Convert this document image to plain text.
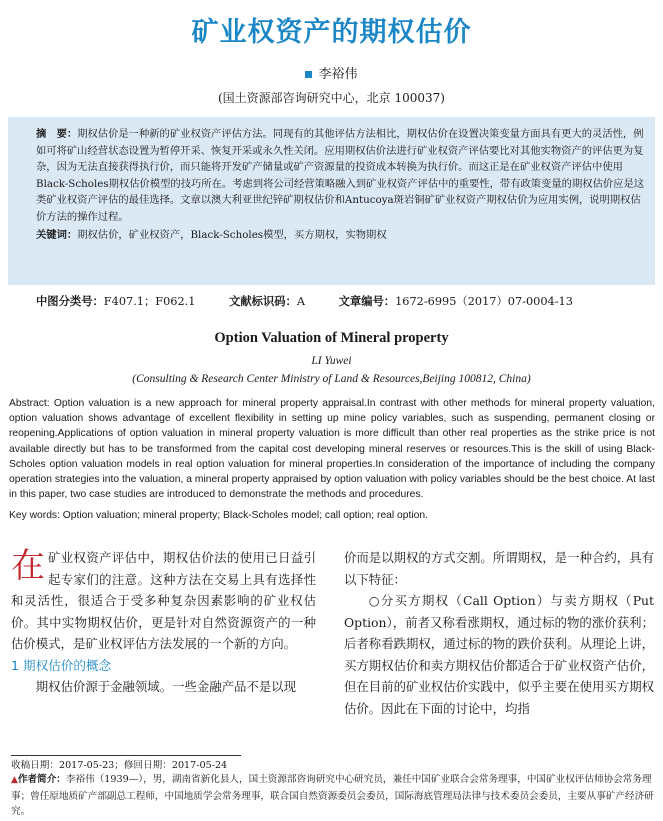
矿业权资产的期权估价
李裕伟
(国土资源部咨询研究中心，北京 100037)
摘　要：期权估价是一种新的矿业权资产评估方法。同现有的其他评估方法相比，期权估价在设置决策变量方面具有更大的灵活性，例如可将矿山经营状态设置为暂停开采、恢复开采或永久性关闭。应用期权估价法进行矿业权资产评估要比对其他实物资产的评估更为复杂，因为无法直接获得执行价，而只能将开发矿产储量或矿产资源量的投资成本转换为执行价。而这正是在矿业权资产评估中使用Black-Scholes期权估价模型的技巧所在。考虑到将公司经营策略融入到矿业权资产评估中的重要性，带有政策变量的期权估价应是这类矿业权资产评估的最佳选择。文章以澳大利亚世纪锌矿期权估价和Antucoya斑岩铜矿矿业权资产期权估价为应用实例，说明期权估价方法的操作过程。
关键词：期权估价，矿业权资产，Black-Scholes模型，买方期权，实物期权
中图分类号：F407.1；F062.1	文献标识码：A	文章编号：1672-6995（2017）07-0004-13
Option Valuation of Mineral property
LI Yuwei
(Consulting & Research Center Ministry of Land & Resources,Beijing 100812, China)
Abstract: Option valuation is a new approach for mineral property appraisal.In contrast with other methods for mineral property valuation, option valuation shows advantage of excellent flexibility in setting up mine policy variables, such as suspending, permanent closing or reopening.Applications of option valuation in mineral property valuation is more difficult than other real properties as the strike price is not available directly but has to be transformed from the capital cost developing mineral reserves or resources.This is the skill of using Black-Scholes option valuation models in real option valuation for mineral properties.In consideration of the importance of including the company operation strategies into the valuation, a mineral property appraised by option valuation with policy variables should be the best choice. At last in this paper, two case studies are introduced to demonstrate the methods and procedures.
Key words: Option valuation; mineral property; Black-Scholes model; call option; real option.

在矿业权资产评估中，期权估价法的使用已日益引起专家们的注意。这种方法在交易上具有选择性和灵活性，很适合于受多种复杂因素影响的矿业权估价。其中实物期权估价，更是针对自然资源资产的一种估价模式，是矿业权评估方法发展的一个新的方向。

1 期权估价的概念

期权估价源于金融领域。一些金融产品不是以现

价而是以期权的方式交割。所谓期权，是一种合约，具有以下特征：

○分买方期权（Call Option）与卖方期权（Put Option），前者又称看涨期权，通过标的物的涨价获利；后者称看跌期权，通过标的物的跌价获利。从理论上讲，买方期权估价和卖方期权估价都适合于矿业权资产估价，但在目前的矿业权估价实践中，似乎主要在使用买方期权估价。因此在下面的讨论中，均指

收稿日期：2017-05-23；修回日期：2017-05-24
▲作者简介：李裕伟（1939—），男，湖南省新化县人，国土资源部咨询研究中心研究员，兼任中国矿业联合会常务理事，中国矿业权评估师协会常务理事；曾任原地质矿产部副总工程师，中国地质学会常务理事，联合国自然资源委员会委员，国际海底管理局法律与技术委员会委员，主要从事矿产经济研究。
